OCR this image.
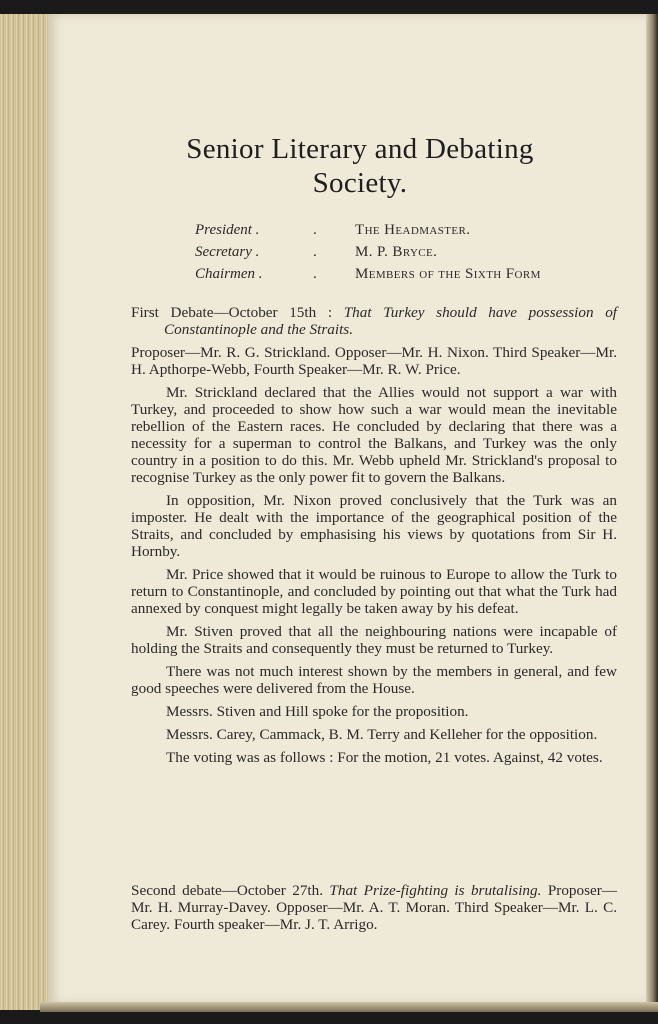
Senior Literary and Debating
Society.
President .	.	The Headmaster.
Secretary .	.	M. P. Bryce.
Chairmen .	.	Members of the Sixth Form

First Debate—October 15th : That Turkey should have possession of Constantinople and the Straits.

Proposer—Mr. R. G. Strickland. Opposer—Mr. H. Nixon. Third Speaker—Mr. H. Apthorpe-Webb, Fourth Speaker—Mr. R. W. Price.

Mr. Strickland declared that the Allies would not support a war with Turkey, and proceeded to show how such a war would mean the inevitable rebellion of the Eastern races. He concluded by declaring that there was a necessity for a superman to control the Balkans, and Turkey was the only country in a position to do this. Mr. Webb upheld Mr. Strickland's proposal to recognise Turkey as the only power fit to govern the Balkans.

In opposition, Mr. Nixon proved conclusively that the Turk was an imposter. He dealt with the importance of the geographical position of the Straits, and concluded by emphasising his views by quotations from Sir H. Hornby.

Mr. Price showed that it would be ruinous to Europe to allow the Turk to return to Constantinople, and concluded by pointing out that what the Turk had annexed by conquest might legally be taken away by his defeat.

Mr. Stiven proved that all the neighbouring nations were incapable of holding the Straits and consequently they must be returned to Turkey.

There was not much interest shown by the members in general, and few good speeches were delivered from the House.

Messrs. Stiven and Hill spoke for the proposition.

Messrs. Carey, Cammack, B. M. Terry and Kelleher for the opposition.

The voting was as follows : For the motion, 21 votes. Against, 42 votes.

Second debate—October 27th. That Prize-fighting is brutalising. Proposer—Mr. H. Murray-Davey. Opposer—Mr. A. T. Moran. Third Speaker—Mr. L. C. Carey. Fourth speaker—Mr. J. T. Arrigo.
